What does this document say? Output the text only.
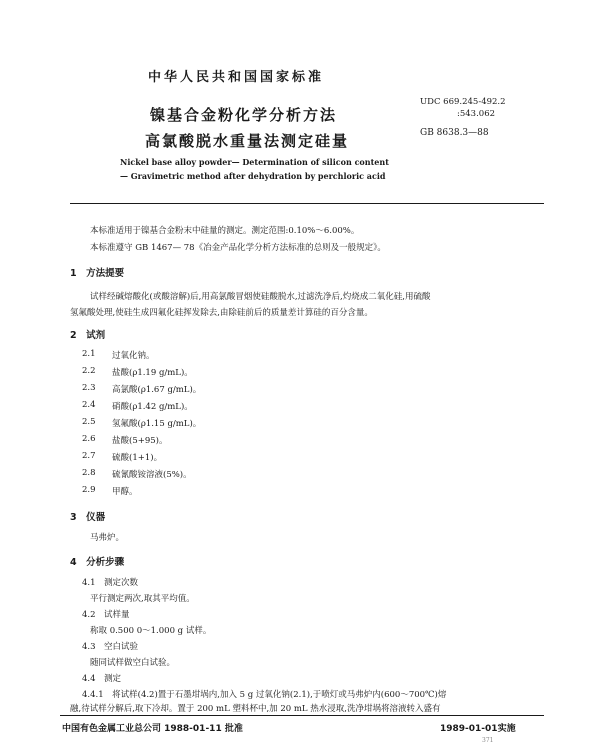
中华人民共和国国家标准
镍基合金粉化学分析方法
高氯酸脱水重量法测定硅量
UDC 669.245-492.2
:543.062
GB 8638.3—88
Nickel base alloy powder— Determination of silicon content
— Gravimetric method after dehydration by perchloric acid
本标准适用于镍基合金粉末中硅量的测定。测定范围:0.10%～6.00%。
本标准遵守 GB 1467— 78《冶金产品化学分析方法标准的总则及一般规定》。
1　方法提要
试样经碱熔酸化(或酸溶解)后,用高氯酸冒烟使硅酸脱水,过滤洗净后,灼烧成二氧化硅,用硫酸
氢氟酸处理,使硅生成四氟化硅挥发除去,由除硅前后的质量差计算硅的百分含量。
2　试剂
2.1 过氧化钠。
2.2 盐酸(ρ1.19 g/mL)。
2.3 高氯酸(ρ1.67 g/mL)。
2.4 硝酸(ρ1.42 g/mL)。
2.5 氢氟酸(ρ1.15 g/mL)。
2.6 盐酸(5+95)。
2.7 硫酸(1+1)。
2.8 硫氰酸铵溶液(5%)。
2.9 甲醇。
3　仪器
马弗炉。
4　分析步骤
4.1　测定次数
平行测定两次,取其平均值。
4.2　试样量
称取 0.500 0～1.000 g 试样。
4.3　空白试验
随同试样做空白试验。
4.4　测定
4.4.1　将试样(4.2)置于石墨坩埚内,加入 5 g 过氧化钠(2.1),于喷灯或马弗炉内(600～700℃)熔
融,待试样分解后,取下冷却。置于 200 mL 塑料杯中,加 20 mL 热水浸取,洗净坩埚将溶液转入盛有
中国有色金属工业总公司 1988-01-11 批准	1989-01-01实施
371
